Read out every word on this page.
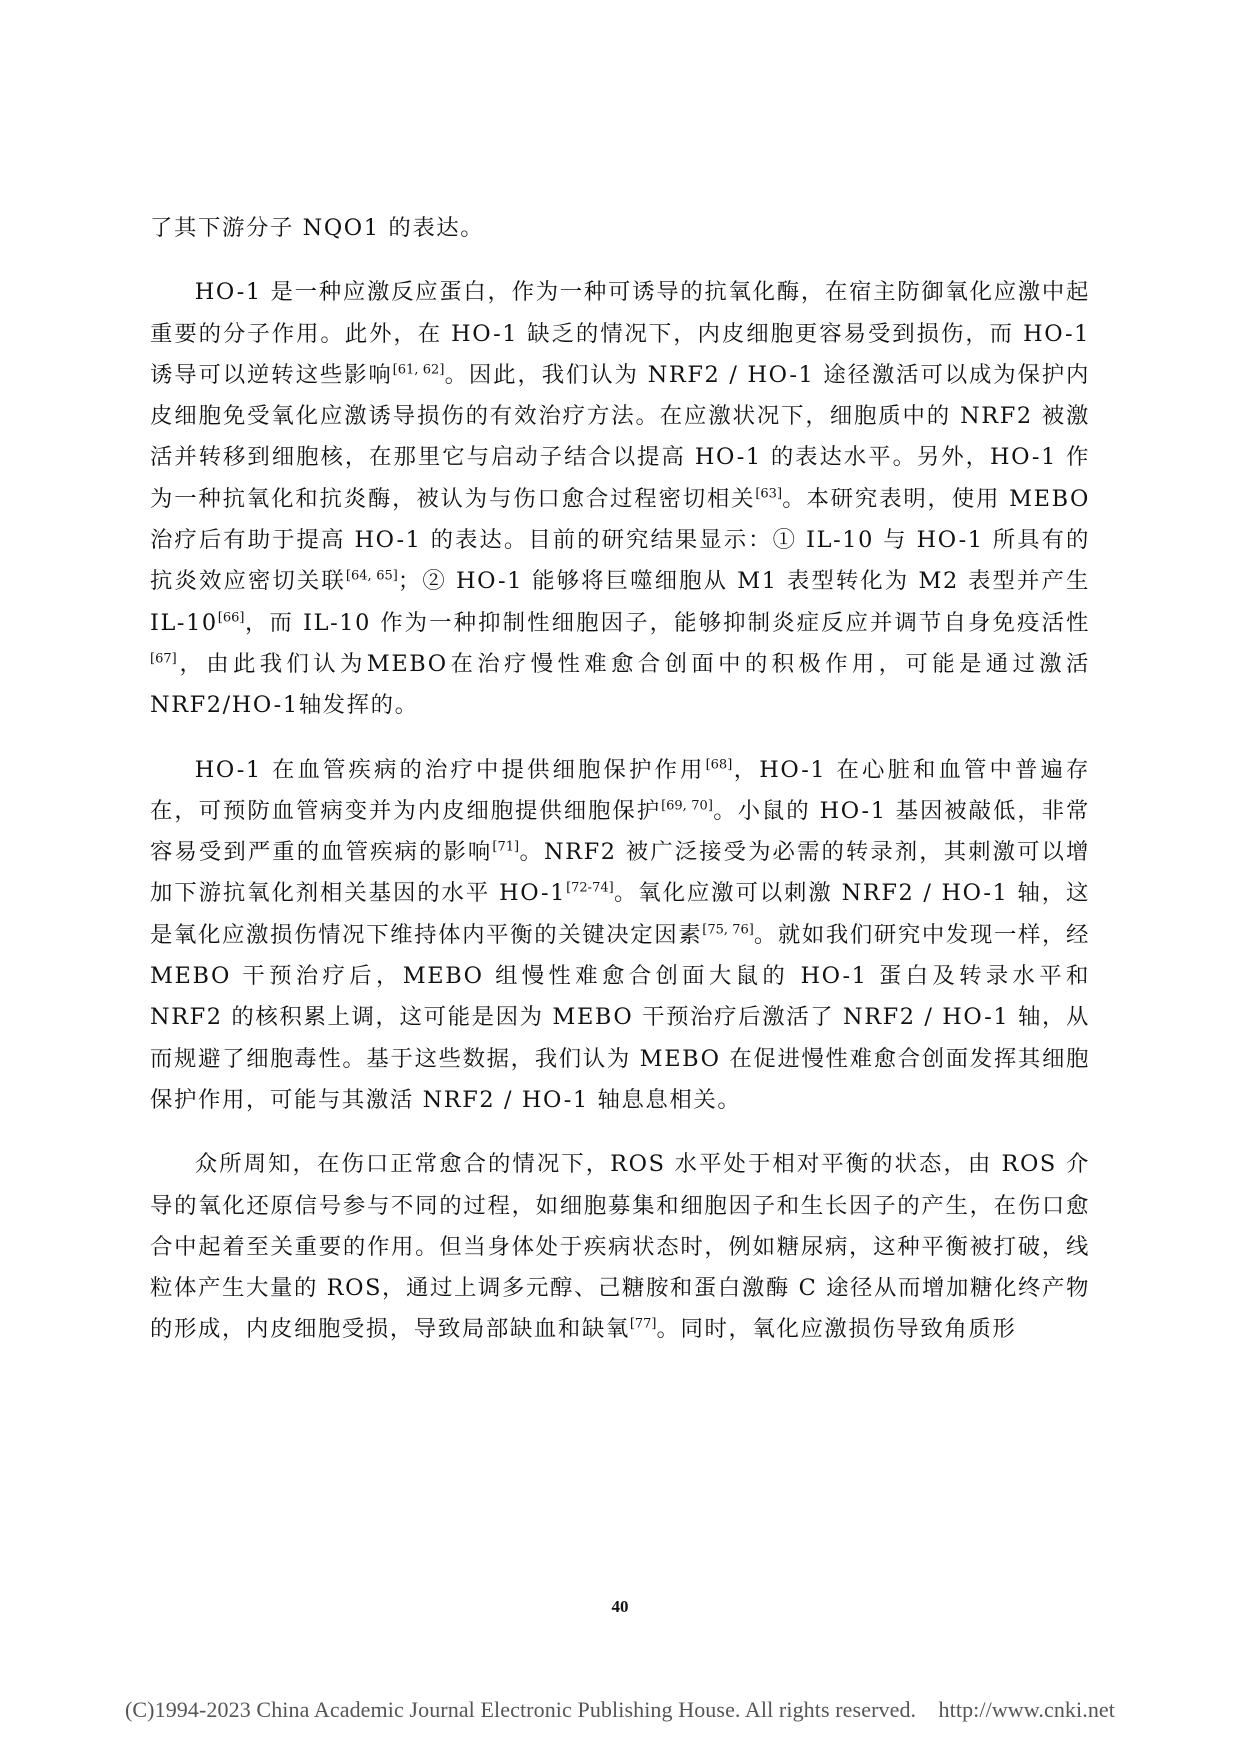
了其下游分子 NQO1 的表达。

HO-1 是一种应激反应蛋白，作为一种可诱导的抗氧化酶，在宿主防御氧化应激中起重要的分子作用。此外，在 HO-1 缺乏的情况下，内皮细胞更容易受到损伤，而 HO-1 诱导可以逆转这些影响[61, 62]。因此，我们认为 NRF2 / HO-1 途径激活可以成为保护内皮细胞免受氧化应激诱导损伤的有效治疗方法。在应激状况下，细胞质中的 NRF2 被激活并转移到细胞核，在那里它与启动子结合以提高 HO-1 的表达水平。另外，HO-1 作为一种抗氧化和抗炎酶，被认为与伤口愈合过程密切相关[63]。本研究表明，使用 MEBO 治疗后有助于提高 HO-1 的表达。目前的研究结果显示：① IL-10 与 HO-1 所具有的抗炎效应密切关联[64, 65]；② HO-1 能够将巨噬细胞从 M1 表型转化为 M2 表型并产生 IL-10[66]，而 IL-10 作为一种抑制性细胞因子，能够抑制炎症反应并调节自身免疫活性[67]，由此我们认为MEBO在治疗慢性难愈合创面中的积极作用，可能是通过激活NRF2/HO-1轴发挥的。

HO-1 在血管疾病的治疗中提供细胞保护作用[68]，HO-1 在心脏和血管中普遍存在，可预防血管病变并为内皮细胞提供细胞保护[69, 70]。小鼠的 HO-1 基因被敲低，非常容易受到严重的血管疾病的影响[71]。NRF2 被广泛接受为必需的转录剂，其刺激可以增加下游抗氧化剂相关基因的水平 HO-1[72-74]。氧化应激可以刺激 NRF2 / HO-1 轴，这是氧化应激损伤情况下维持体内平衡的关键决定因素[75, 76]。就如我们研究中发现一样，经 MEBO 干预治疗后，MEBO 组慢性难愈合创面大鼠的 HO-1 蛋白及转录水平和 NRF2 的核积累上调，这可能是因为 MEBO 干预治疗后激活了 NRF2 / HO-1 轴，从而规避了细胞毒性。基于这些数据，我们认为 MEBO 在促进慢性难愈合创面发挥其细胞保护作用，可能与其激活 NRF2 / HO-1 轴息息相关。

众所周知，在伤口正常愈合的情况下，ROS 水平处于相对平衡的状态，由 ROS 介导的氧化还原信号参与不同的过程，如细胞募集和细胞因子和生长因子的产生，在伤口愈合中起着至关重要的作用。但当身体处于疾病状态时，例如糖尿病，这种平衡被打破，线粒体产生大量的 ROS，通过上调多元醇、己糖胺和蛋白激酶 C 途径从而增加糖化终产物的形成，内皮细胞受损，导致局部缺血和缺氧[77]。同时，氧化应激损伤导致角质形

40
(C)1994-2023 China Academic Journal Electronic Publishing House. All rights reserved.    http://www.cnki.net
